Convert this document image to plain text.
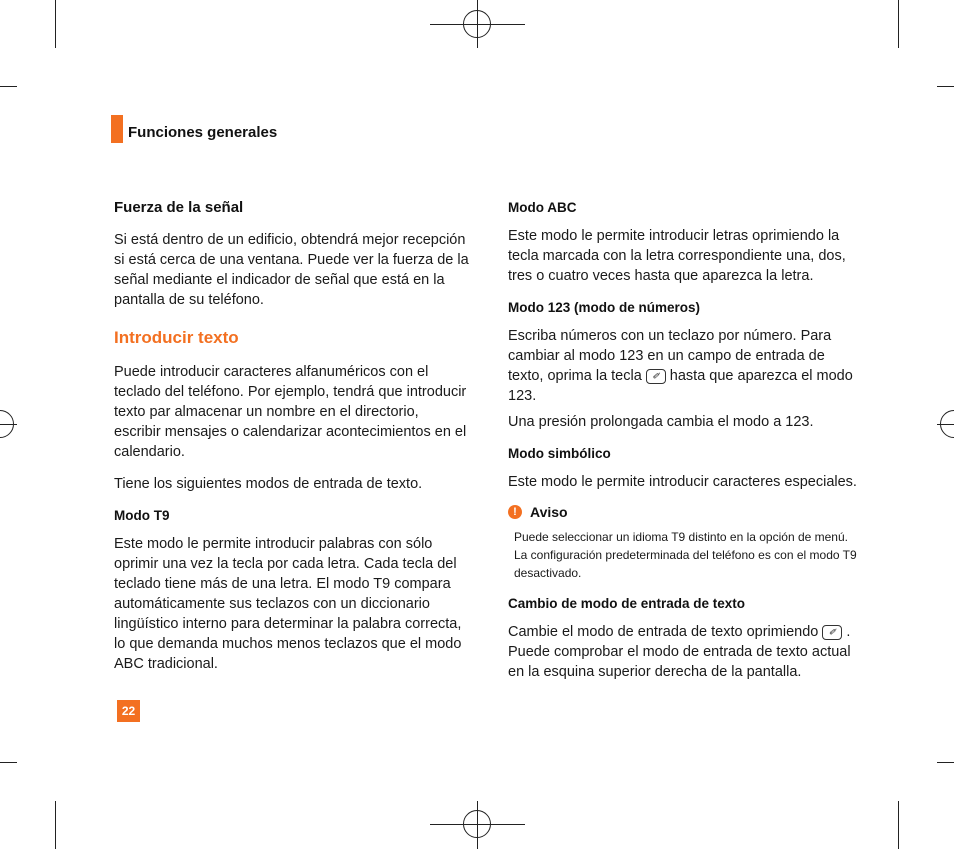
Funciones generales
Fuerza de la señal

Si está dentro de un edificio, obtendrá mejor recepción si está cerca de una ventana. Puede ver la fuerza de la señal mediante el indicador de señal que está en la pantalla de su teléfono.

Introducir texto

Puede introducir caracteres alfanuméricos con el teclado del teléfono. Por ejemplo, tendrá que introducir texto par almacenar un nombre en el directorio, escribir mensajes o calendarizar acontecimientos en el calendario.

Tiene los siguientes modos de entrada de texto.

Modo T9

Este modo le permite introducir palabras con sólo oprimir una vez la tecla por cada letra. Cada tecla del teclado tiene más de una letra. El modo T9 compara automáticamente sus teclazos con un diccionario lingüístico interno para determinar la palabra correcta, lo que demanda muchos menos teclazos que el modo ABC tradicional.

Modo ABC

Este modo le permite introducir letras oprimiendo la tecla marcada con la letra correspondiente una, dos, tres o cuatro veces hasta que aparezca la letra.

Modo 123 (modo de números)

Escriba números con un teclazo por número. Para cambiar al modo 123 en un campo de entrada de texto, oprima la tecla ✐ hasta que aparezca el modo 123.

Una presión prolongada cambia el modo a 123.

Modo simbólico

Este modo le permite introducir caracteres especiales.

! Aviso
Puede seleccionar un idioma T9 distinto en la opción de menú. La configuración predeterminada del teléfono es con el modo T9 desactivado.
Cambio de modo de entrada de texto

Cambie el modo de entrada de texto oprimiendo ✐ . Puede comprobar el modo de entrada de texto actual en la esquina superior derecha de la pantalla.

22
